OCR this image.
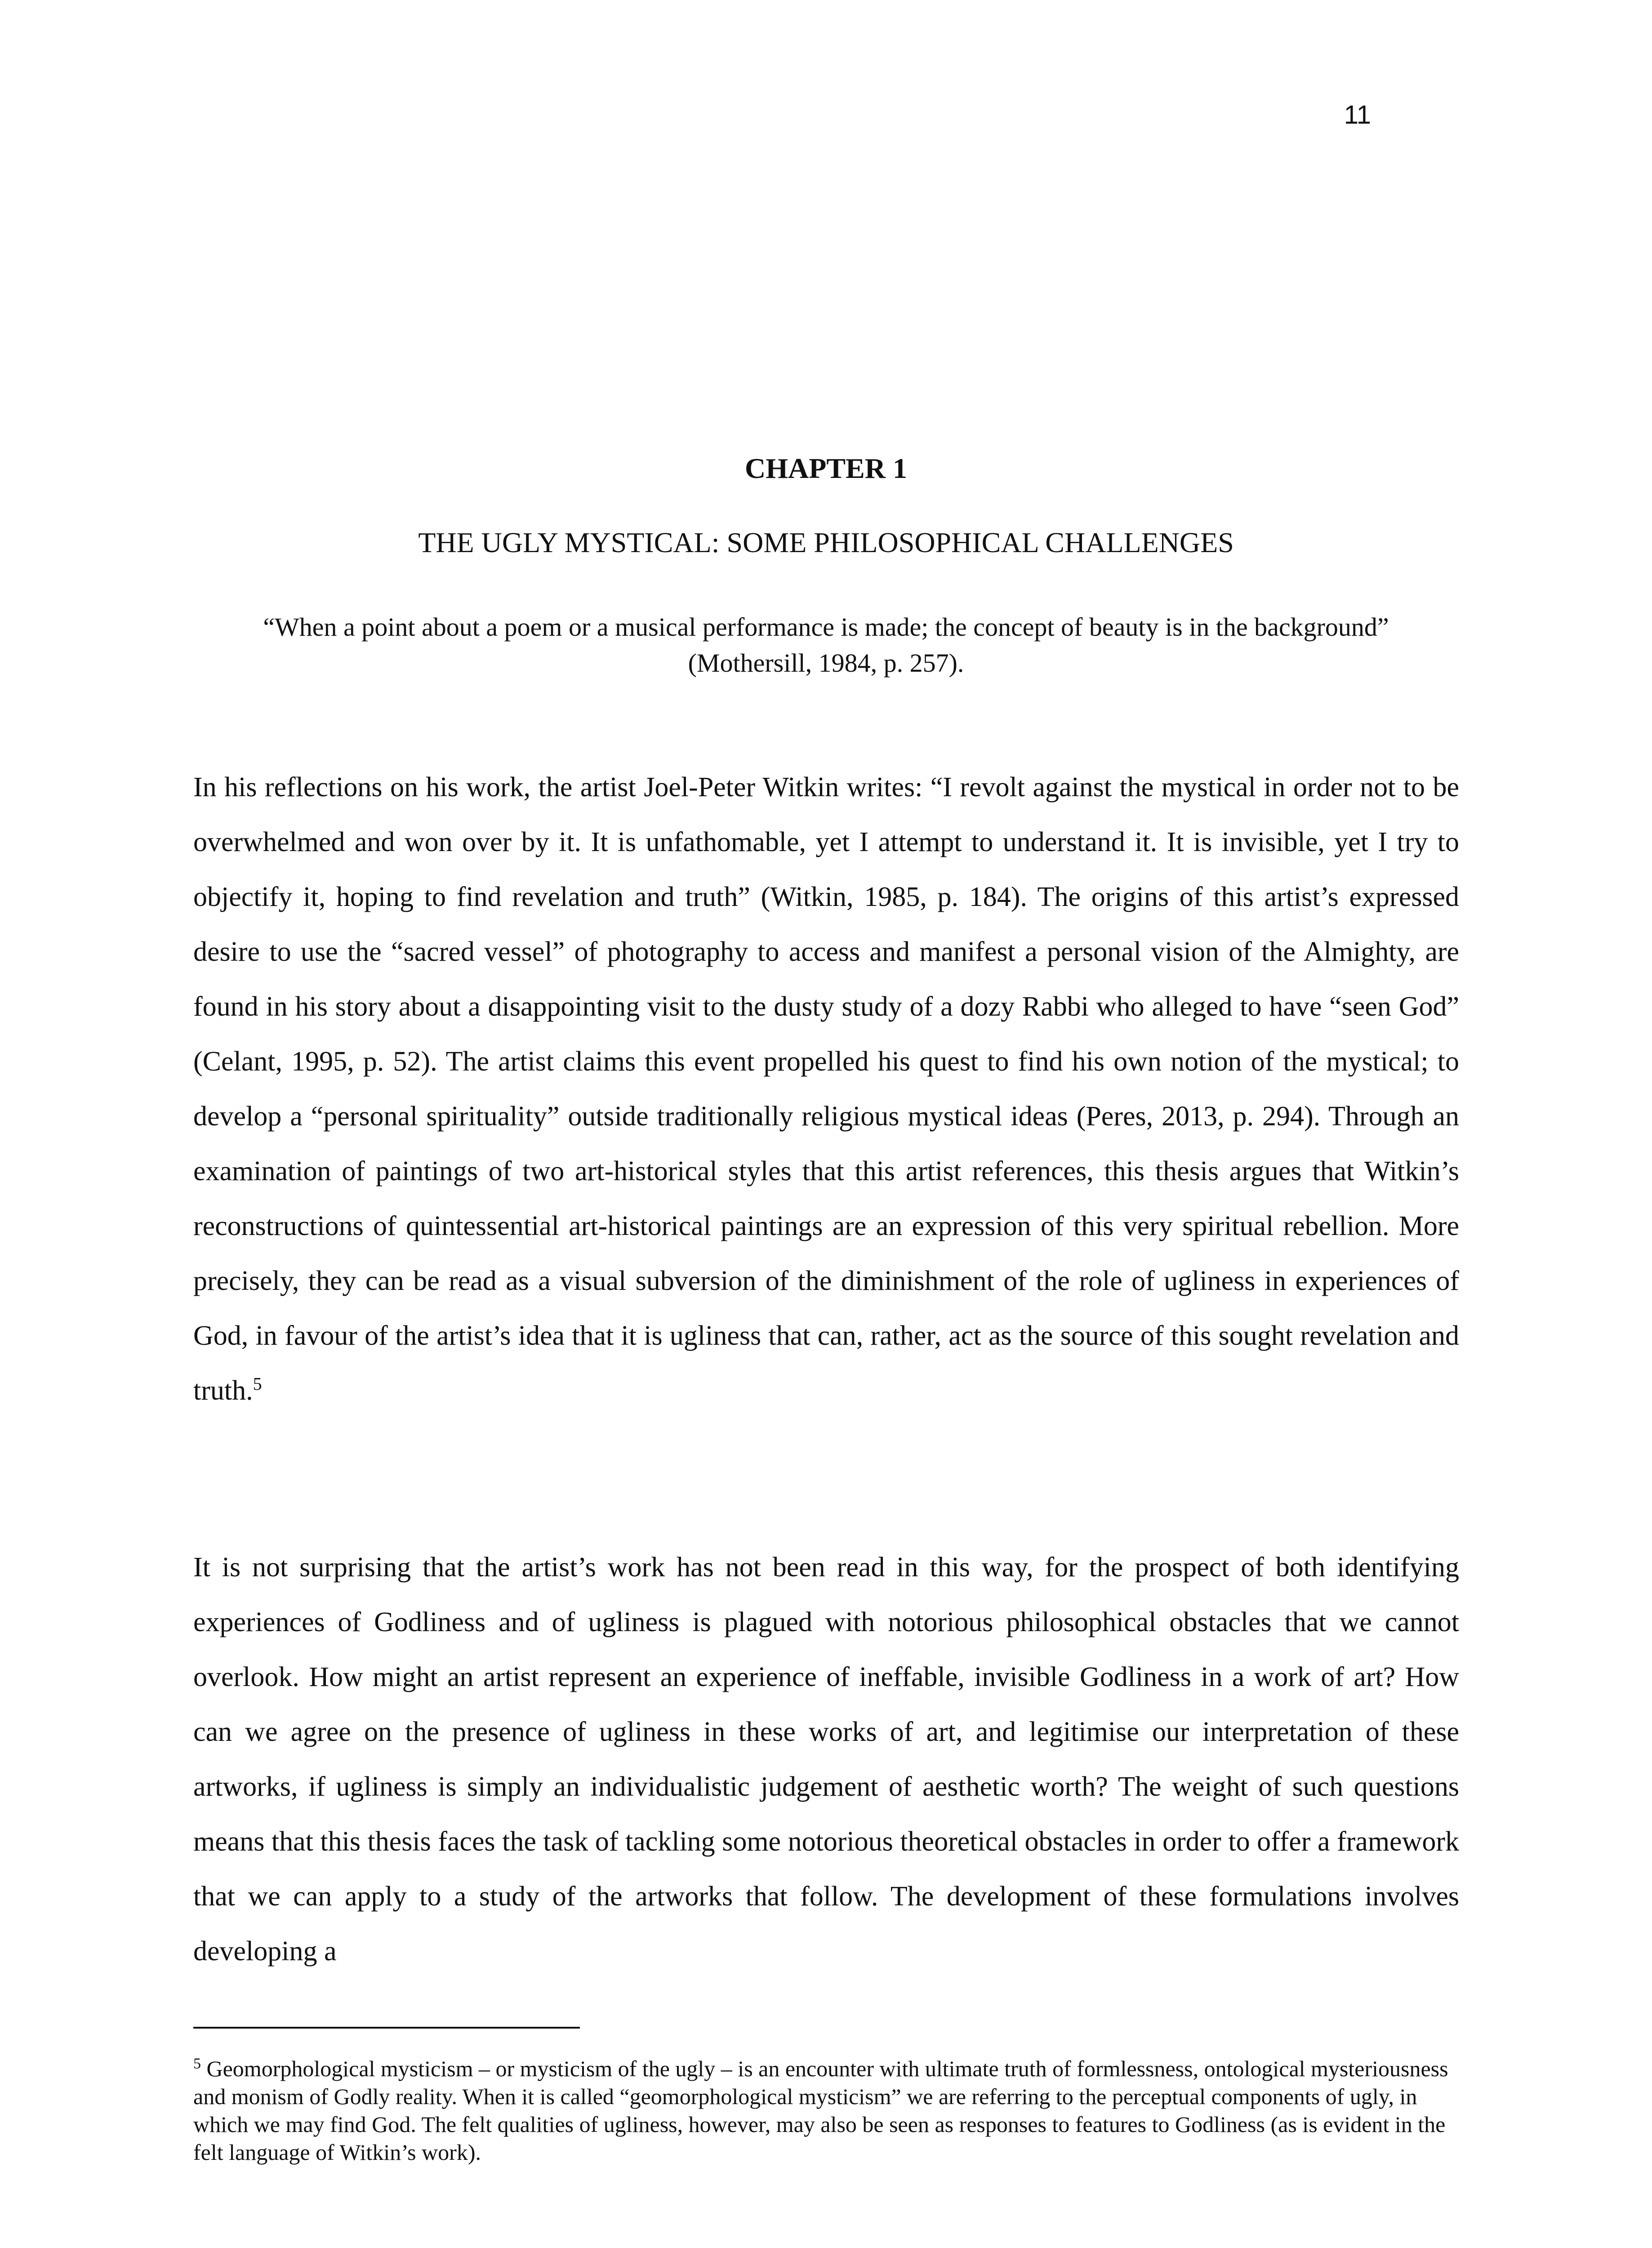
11
CHAPTER 1
THE UGLY MYSTICAL: SOME PHILOSOPHICAL CHALLENGES
“When a point about a poem or a musical performance is made; the concept of beauty is in the background” (Mothersill, 1984, p. 257).

In his reflections on his work, the artist Joel-Peter Witkin writes: “I revolt against the mystical in order not to be overwhelmed and won over by it. It is unfathomable, yet I attempt to understand it. It is invisible, yet I try to objectify it, hoping to find revelation and truth” (Witkin, 1985, p. 184). The origins of this artist’s expressed desire to use the “sacred vessel” of photography to access and manifest a personal vision of the Almighty, are found in his story about a disappointing visit to the dusty study of a dozy Rabbi who alleged to have “seen God” (Celant, 1995, p. 52). The artist claims this event propelled his quest to find his own notion of the mystical; to develop a “personal spirituality” outside traditionally religious mystical ideas (Peres, 2013, p. 294). Through an examination of paintings of two art-historical styles that this artist references, this thesis argues that Witkin’s reconstructions of quintessential art-historical paintings are an expression of this very spiritual rebellion. More precisely, they can be read as a visual subversion of the diminishment of the role of ugliness in experiences of God, in favour of the artist’s idea that it is ugliness that can, rather, act as the source of this sought revelation and truth.$^5$

It is not surprising that the artist’s work has not been read in this way, for the prospect of both identifying experiences of Godliness and of ugliness is plagued with notorious philosophical obstacles that we cannot overlook. How might an artist represent an experience of ineffable, invisible Godliness in a work of art? How can we agree on the presence of ugliness in these works of art, and legitimise our interpretation of these artworks, if ugliness is simply an individualistic judgement of aesthetic worth? The weight of such questions means that this thesis faces the task of tackling some notorious theoretical obstacles in order to offer a framework that we can apply to a study of the artworks that follow. The development of these formulations involves developing a

$^5$ Geomorphological mysticism – or mysticism of the ugly – is an encounter with ultimate truth of formlessness, ontological mysteriousness and monism of Godly reality. When it is called “geomorphological mysticism” we are referring to the perceptual components of ugly, in which we may find God. The felt qualities of ugliness, however, may also be seen as responses to features to Godliness (as is evident in the felt language of Witkin’s work).
